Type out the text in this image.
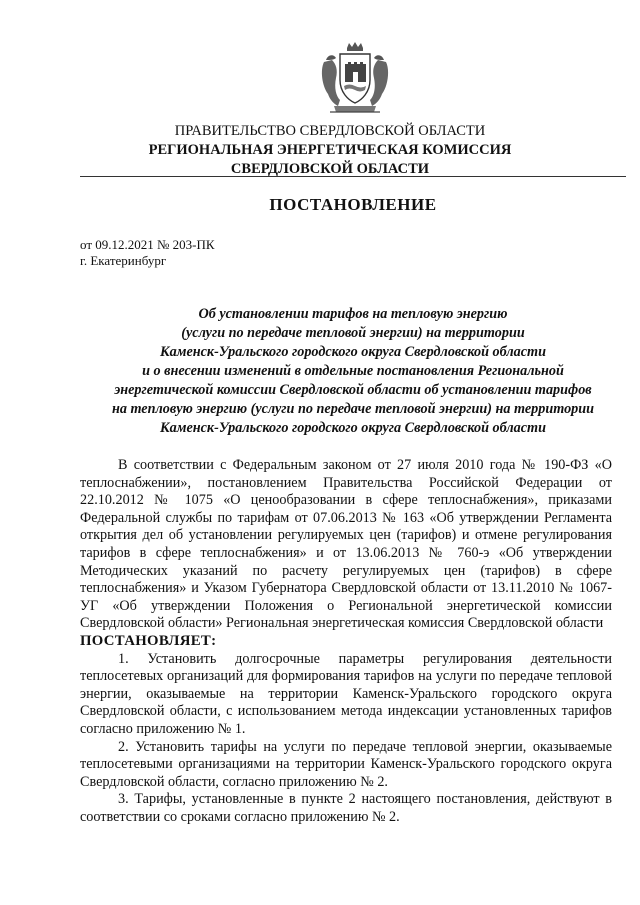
ПРАВИТЕЛЬСТВО СВЕРДЛОВСКОЙ ОБЛАСТИ
РЕГИОНАЛЬНАЯ ЭНЕРГЕТИЧЕСКАЯ КОМИССИЯ
СВЕРДЛОВСКОЙ ОБЛАСТИ
ПОСТАНОВЛЕНИЕ
от 09.12.2021 № 203-ПК
г. Екатеринбург
Об установлении тарифов на тепловую энергию
(услуги по передаче тепловой энергии) на территории
Каменск-Уральского городского округа Свердловской области
и о внесении изменений в отдельные постановления Региональной
энергетической комиссии Свердловской области об установлении тарифов
на тепловую энергию (услуги по передаче тепловой энергии) на территории
Каменск-Уральского городского округа Свердловской области

В соответствии с Федеральным законом от 27 июля 2010 года № 190-ФЗ «О теплоснабжении», постановлением Правительства Российской Федерации от 22.10.2012 № 1075 «О ценообразовании в сфере теплоснабжения», приказами Федеральной службы по тарифам от 07.06.2013 № 163 «Об утверждении Регламента открытия дел об установлении регулируемых цен (тарифов) и отмене регулирования тарифов в сфере теплоснабжения» и от 13.06.2013 № 760-э «Об утверждении Методических указаний по расчету регулируемых цен (тарифов) в сфере теплоснабжения» и Указом Губернатора Свердловской области от 13.11.2010 № 1067-УГ «Об утверждении Положения о Региональной энергетической комиссии Свердловской области» Региональная энергетическая комиссия Свердловской области

ПОСТАНОВЛЯЕТ:

1. Установить долгосрочные параметры регулирования деятельности теплосетевых организаций для формирования тарифов на услуги по передаче тепловой энергии, оказываемые на территории Каменск-Уральского городского округа Свердловской области, с использованием метода индексации установленных тарифов согласно приложению № 1.

2. Установить тарифы на услуги по передаче тепловой энергии, оказываемые теплосетевыми организациями на территории Каменск-Уральского городского округа Свердловской области, согласно приложению № 2.

3. Тарифы, установленные в пункте 2 настоящего постановления, действуют в соответствии со сроками согласно приложению № 2.
